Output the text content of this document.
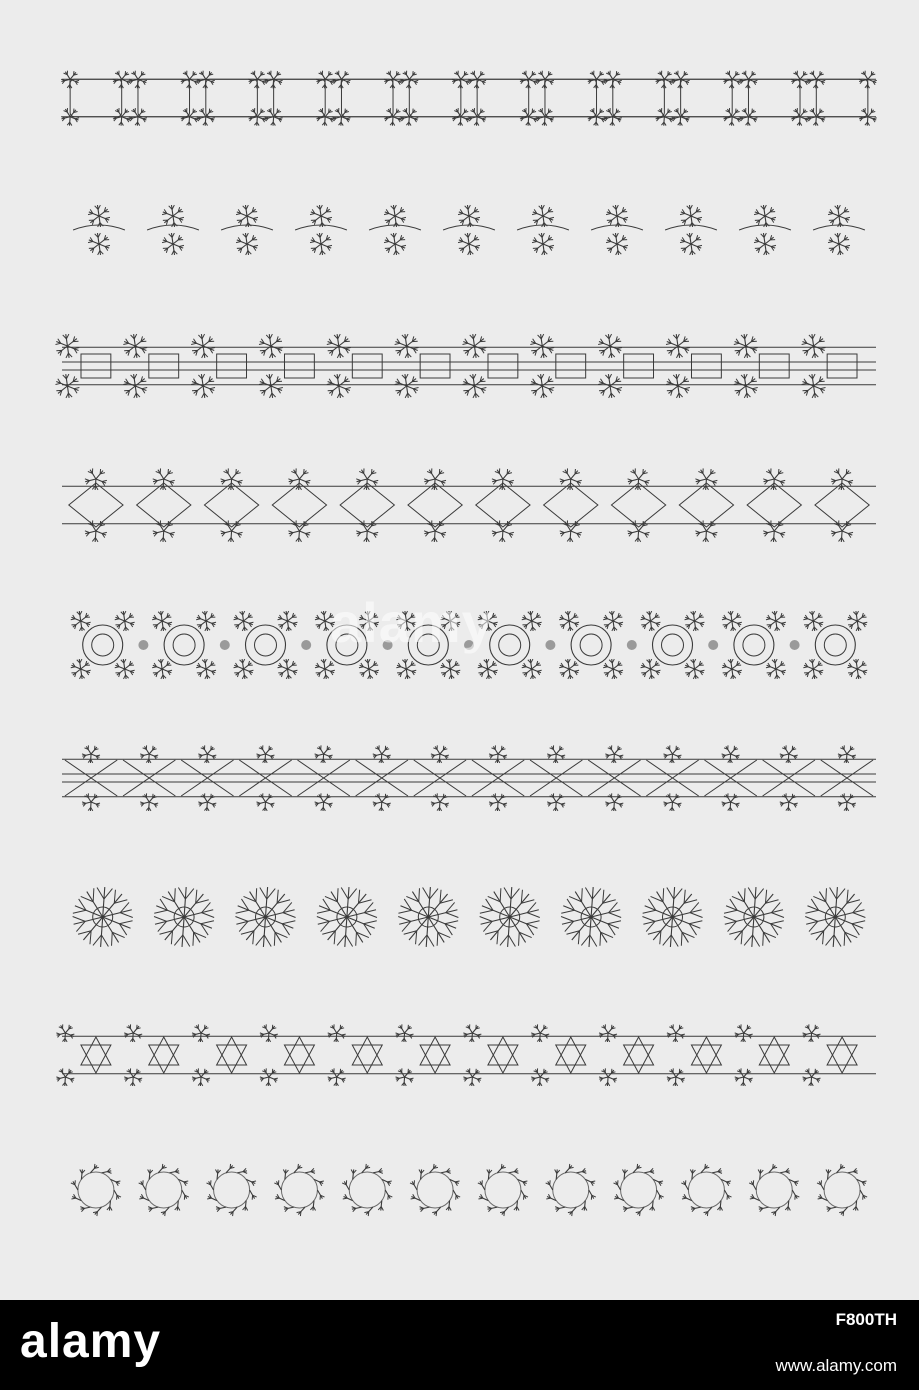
alamy
alamy	F800TH
www.alamy.com
